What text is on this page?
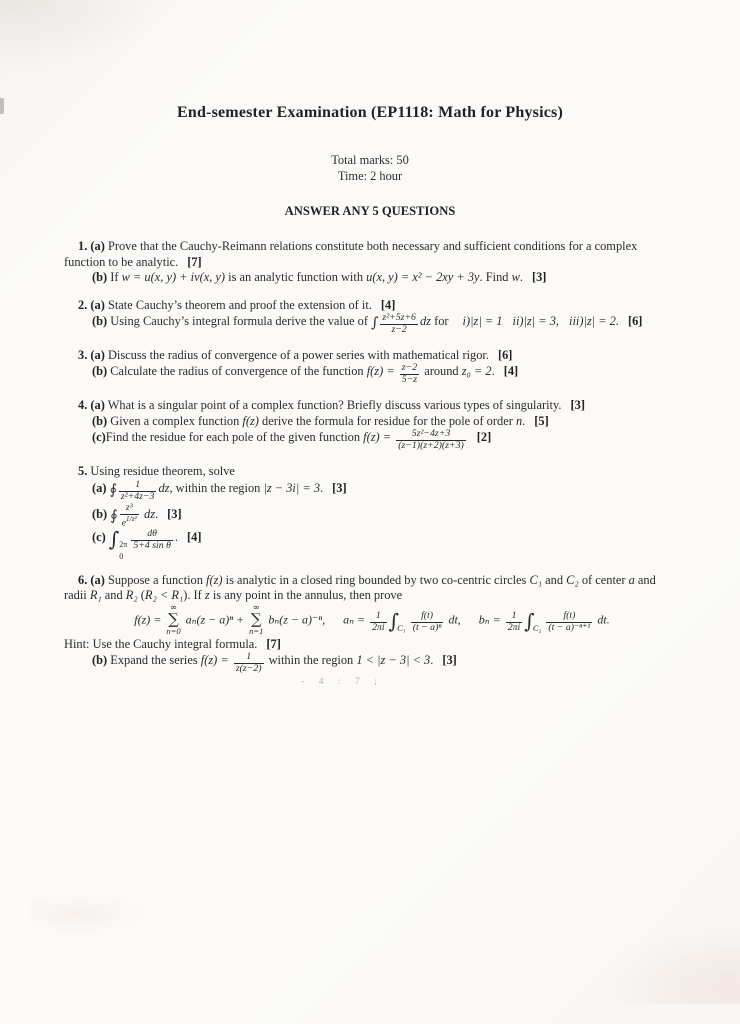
End-semester Examination (EP1118: Math for Physics)
Total marks: 50
Time: 2 hour
ANSWER ANY 5 QUESTIONS

1. (a) Prove that the Cauchy-Reimann relations constitute both necessary and sufficient conditions for a complex function to be analytic. [7]

(b) If w = u(x, y) + iv(x, y) is an analytic function with u(x, y) = x² − 2xy + 3y. Find w. [3]

2. (a) State Cauchy’s theorem and proof the extension of it. [4]

(b) Using Cauchy’s integral formula derive the value of ∫ $\frac{\text{z²+5z+6}}{z-2}$ dz for i)|z| = 1 ii)|z| = 3, iii)|z| = 2. [6]

3. (a) Discuss the radius of convergence of a power series with mathematical rigor. [6]

(b) Calculate the radius of convergence of the function $f(z) = \frac{z-2}{5-z}$ around z₀ = 2. [4]

4. (a) What is a singular point of a complex function? Briefly discuss various types of singularity. [3]

(b) Given a complex function f(z) derive the formula for residue for the pole of order n. [5]

(c)Find the residue for each pole of the given function $f(z) = \frac{\text{5z²−4z+3}}{(z-1)(z+2)(z+3)} [2]$

5. Using residue theorem, solve

(a) ∮ $\frac{1}{\text{z²+4z−3}}$ dz, within the region |z − 3i| = 3. [3]

(b) ∮ $\frac{\text{z³}}{e^{1/z^2}}$ dz. [3]

(c) ∫ 2π
0
$\frac{d\theta}{\text{5+4 sin θ}}$ . [4]

6. (a) Suppose a function f(z) is analytic in a closed ring bounded by two co-centric circles C₁ and C₂ of center a and radii R₁ and R₂ (R₂ < R₁). If z is any point in the annulus, then prove

f(z) =
∞
∑
n=0
aₙ(z − a)ⁿ +
∞
∑
n=1
bₙ(z − a)⁻ⁿ, $a_n = \frac{1}{2\pi i} \int_{C_1} \frac{f(t)}{\text{(t − a)ⁿ}}$ dt, $b_n = \frac{1}{2\pi i} \int_{C_2} \frac{f(t)}{\text{(t − a)⁻ⁿ⁺¹}}$ dt.

Hint: Use the Cauchy integral formula. [7]

(b) Expand the series $f(z) = \frac{1}{z(z-2)}$ within the region 1 < |z − 3| < 3. [3]

- 4 : 7 ;
